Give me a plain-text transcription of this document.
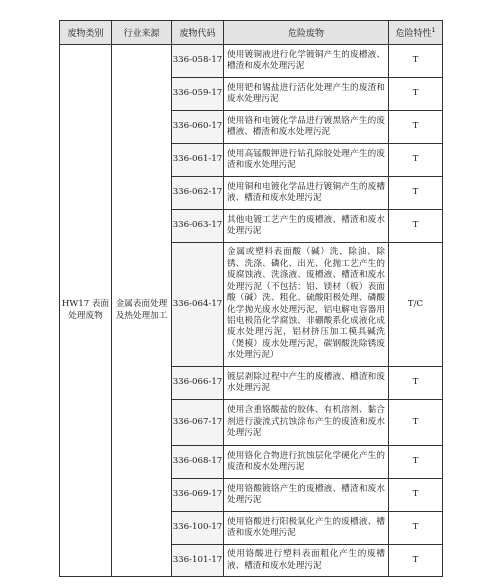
废物类别	行业来源	废物代码	危险废物	危险特性$^1$
HW17 表面处理废物	金属表面处理及热处理加工	336-058-17	使用镀铜液进行化学镀铜产生的废槽液、槽渣和废水处理污泥	T
		336-059-17	使用钯和锡盐进行活化处理产生的废渣和废水处理污泥	T
		336-060-17	使用铬和电镀化学品进行镀黑铬产生的废槽液、槽渣和废水处理污泥	T
		336-061-17	使用高锰酸钾进行钻孔除胶处理产生的废渣和废水处理污泥	T
		336-062-17	使用铜和电镀化学品进行镀铜产生的废槽液、槽渣和废水处理污泥	T
		336-063-17	其他电镀工艺产生的废槽液、槽渣和废水处理污泥	T
		336-064-17	金属或塑料表面酸（碱）洗、除油、除锈、洗涤、磷化、出光、化抛工艺产生的废腐蚀液、洗涤液、废槽液、槽渣和废水处理污泥（不包括：铝、镁材（板）表面酸（碱）洗、粗化、硫酸阳极处理、磷酸化学抛光废水处理污泥，铝电解电容器用铝电极箔化学腐蚀、非硼酸系化成液化成废水处理污泥，铝材挤压加工模具碱洗（煲模）废水处理污泥，碳钢酸洗除锈废水处理污泥）	T/C
		336-066-17	镀层剥除过程中产生的废槽液、槽渣和废水处理污泥	T
		336-067-17	使用含重铬酸盐的胶体、有机溶剂、黏合剂进行漩流式抗蚀涂布产生的废渣和废水处理污泥	T
		336-068-17	使用铬化合物进行抗蚀层化学硬化产生的废渣和废水处理污泥	T
		336-069-17	使用铬酸镀铬产生的废槽液、槽渣和废水处理污泥	T
		336-100-17	使用铬酸进行阳极氧化产生的废槽液、槽渣和废水处理污泥	T
		336-101-17	使用铬酸进行塑料表面粗化产生的废槽液、槽渣和废水处理污泥	T
